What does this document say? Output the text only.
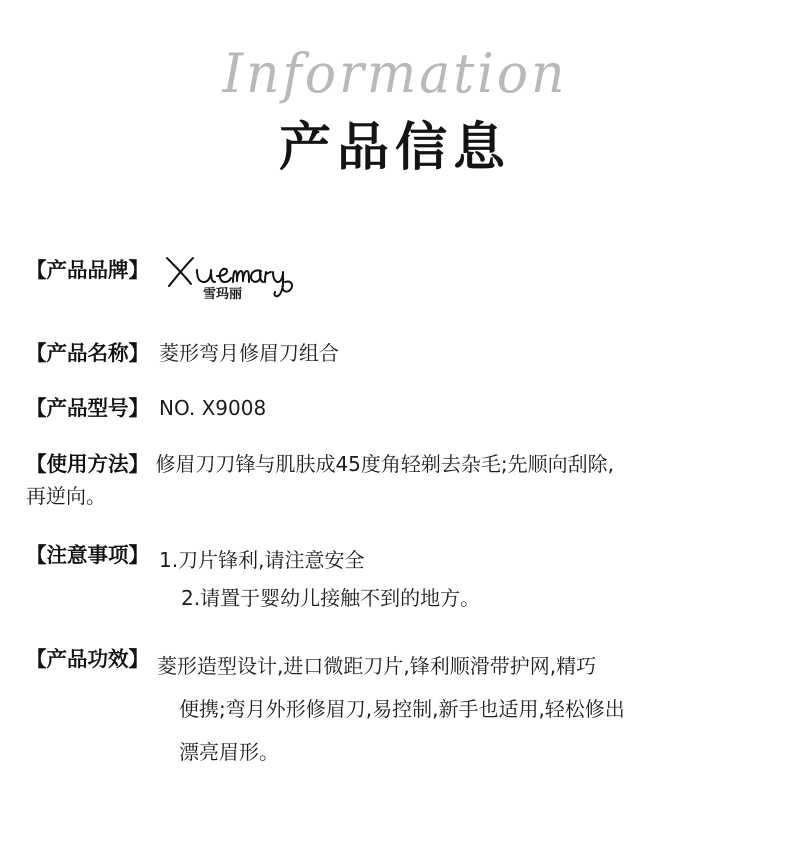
Information
产品信息
【产品品牌】
雪玛丽
【产品名称】 菱形弯月修眉刀组合
【产品型号】 NO. X9008
【使用方法】 修眉刀刀锋与肌肤成45度角轻剃去杂毛;先顺向刮除,
再逆向。
【注意事项】 1.刀片锋利,请注意安全
2.请置于婴幼儿接触不到的地方。
【产品功效】 菱形造型设计,进口微距刀片,锋利顺滑带护网,精巧
便携;弯月外形修眉刀,易控制,新手也适用,轻松修出
漂亮眉形。
